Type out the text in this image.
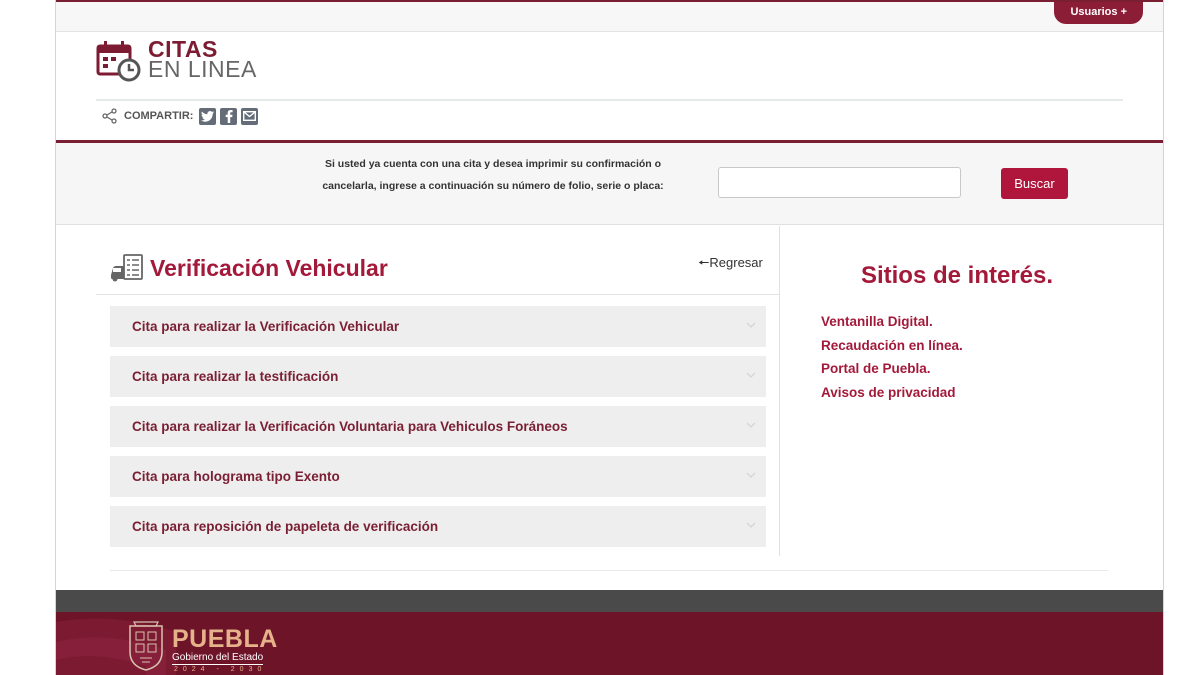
Usuarios +
CITAS
EN LINEA
COMPARTIR:
Si usted ya cuenta con una cita y desea imprimir su confirmación o
cancelarla, ingrese a continuación su número de folio, serie o placa:	Buscar
Verificación Vehicular	🠔Regresar
Cita para realizar la Verificación Vehicular
Cita para realizar la testificación
Cita para realizar la Verificación Voluntaria para Vehiculos Foráneos
Cita para holograma tipo Exento
Cita para reposición de papeleta de verificación
Sitios de interés.
Ventanilla Digital.
Recaudación en línea.
Portal de Puebla.
Avisos de privacidad
PUEBLA
Gobierno del Estado
2024 - 2030
